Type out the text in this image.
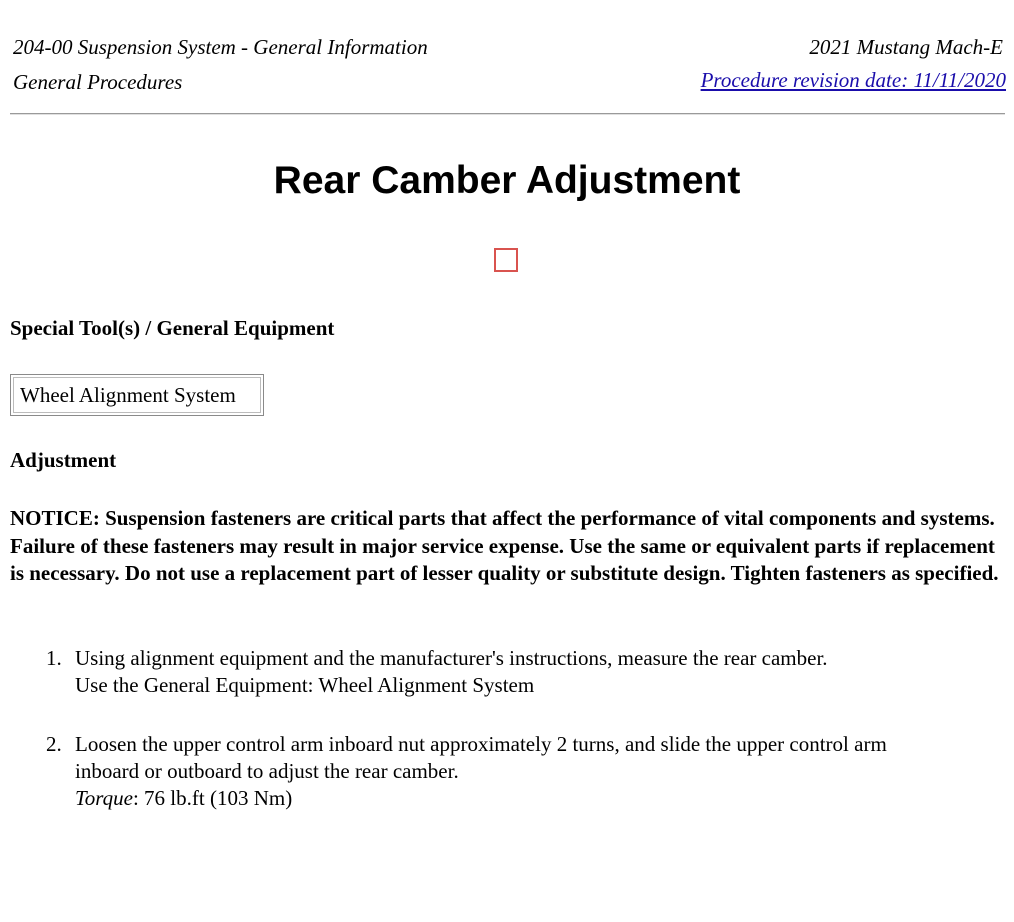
204-00 Suspension System - General Information
General Procedures
2021 Mustang Mach-E
Procedure revision date: 11/11/2020
Rear Camber Adjustment
Special Tool(s) / General Equipment
Wheel Alignment System
Adjustment

NOTICE: Suspension fasteners are critical parts that affect the performance of vital components and systems. Failure of these fasteners may result in major service expense. Use the same or equivalent parts if replacement is necessary. Do not use a replacement part of lesser quality or substitute design. Tighten fasteners as specified.

1. Using alignment equipment and the manufacturer's instructions, measure the rear camber.
Use the General Equipment: Wheel Alignment System
2. Loosen the upper control arm inboard nut approximately 2 turns, and slide the upper control arm
inboard or outboard to adjust the rear camber.
Torque: 76 lb.ft (103 Nm)
